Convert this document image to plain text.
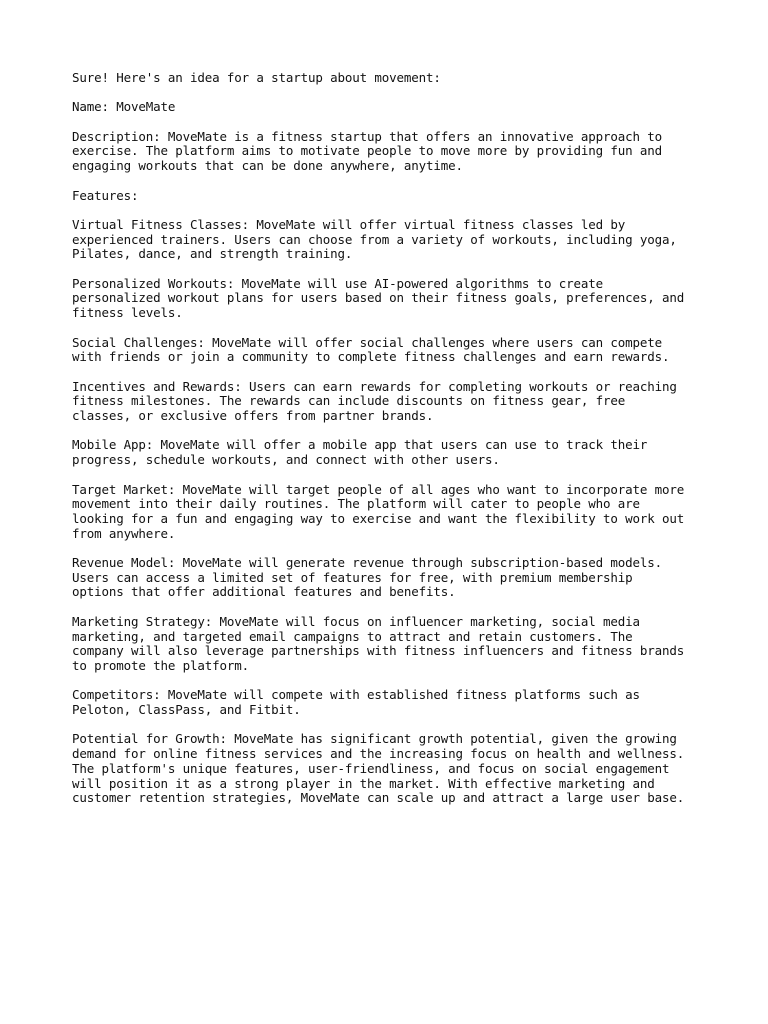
Sure! Here's an idea for a startup about movement:

Name: MoveMate

Description: MoveMate is a fitness startup that offers an innovative approach to
exercise. The platform aims to motivate people to move more by providing fun and
engaging workouts that can be done anywhere, anytime.

Features:

Virtual Fitness Classes: MoveMate will offer virtual fitness classes led by
experienced trainers. Users can choose from a variety of workouts, including yoga,
Pilates, dance, and strength training.

Personalized Workouts: MoveMate will use AI-powered algorithms to create
personalized workout plans for users based on their fitness goals, preferences, and
fitness levels.

Social Challenges: MoveMate will offer social challenges where users can compete
with friends or join a community to complete fitness challenges and earn rewards.

Incentives and Rewards: Users can earn rewards for completing workouts or reaching
fitness milestones. The rewards can include discounts on fitness gear, free
classes, or exclusive offers from partner brands.

Mobile App: MoveMate will offer a mobile app that users can use to track their
progress, schedule workouts, and connect with other users.

Target Market: MoveMate will target people of all ages who want to incorporate more
movement into their daily routines. The platform will cater to people who are
looking for a fun and engaging way to exercise and want the flexibility to work out
from anywhere.

Revenue Model: MoveMate will generate revenue through subscription-based models.
Users can access a limited set of features for free, with premium membership
options that offer additional features and benefits.

Marketing Strategy: MoveMate will focus on influencer marketing, social media
marketing, and targeted email campaigns to attract and retain customers. The
company will also leverage partnerships with fitness influencers and fitness brands
to promote the platform.

Competitors: MoveMate will compete with established fitness platforms such as
Peloton, ClassPass, and Fitbit.

Potential for Growth: MoveMate has significant growth potential, given the growing
demand for online fitness services and the increasing focus on health and wellness.
The platform's unique features, user-friendliness, and focus on social engagement
will position it as a strong player in the market. With effective marketing and
customer retention strategies, MoveMate can scale up and attract a large user base.
